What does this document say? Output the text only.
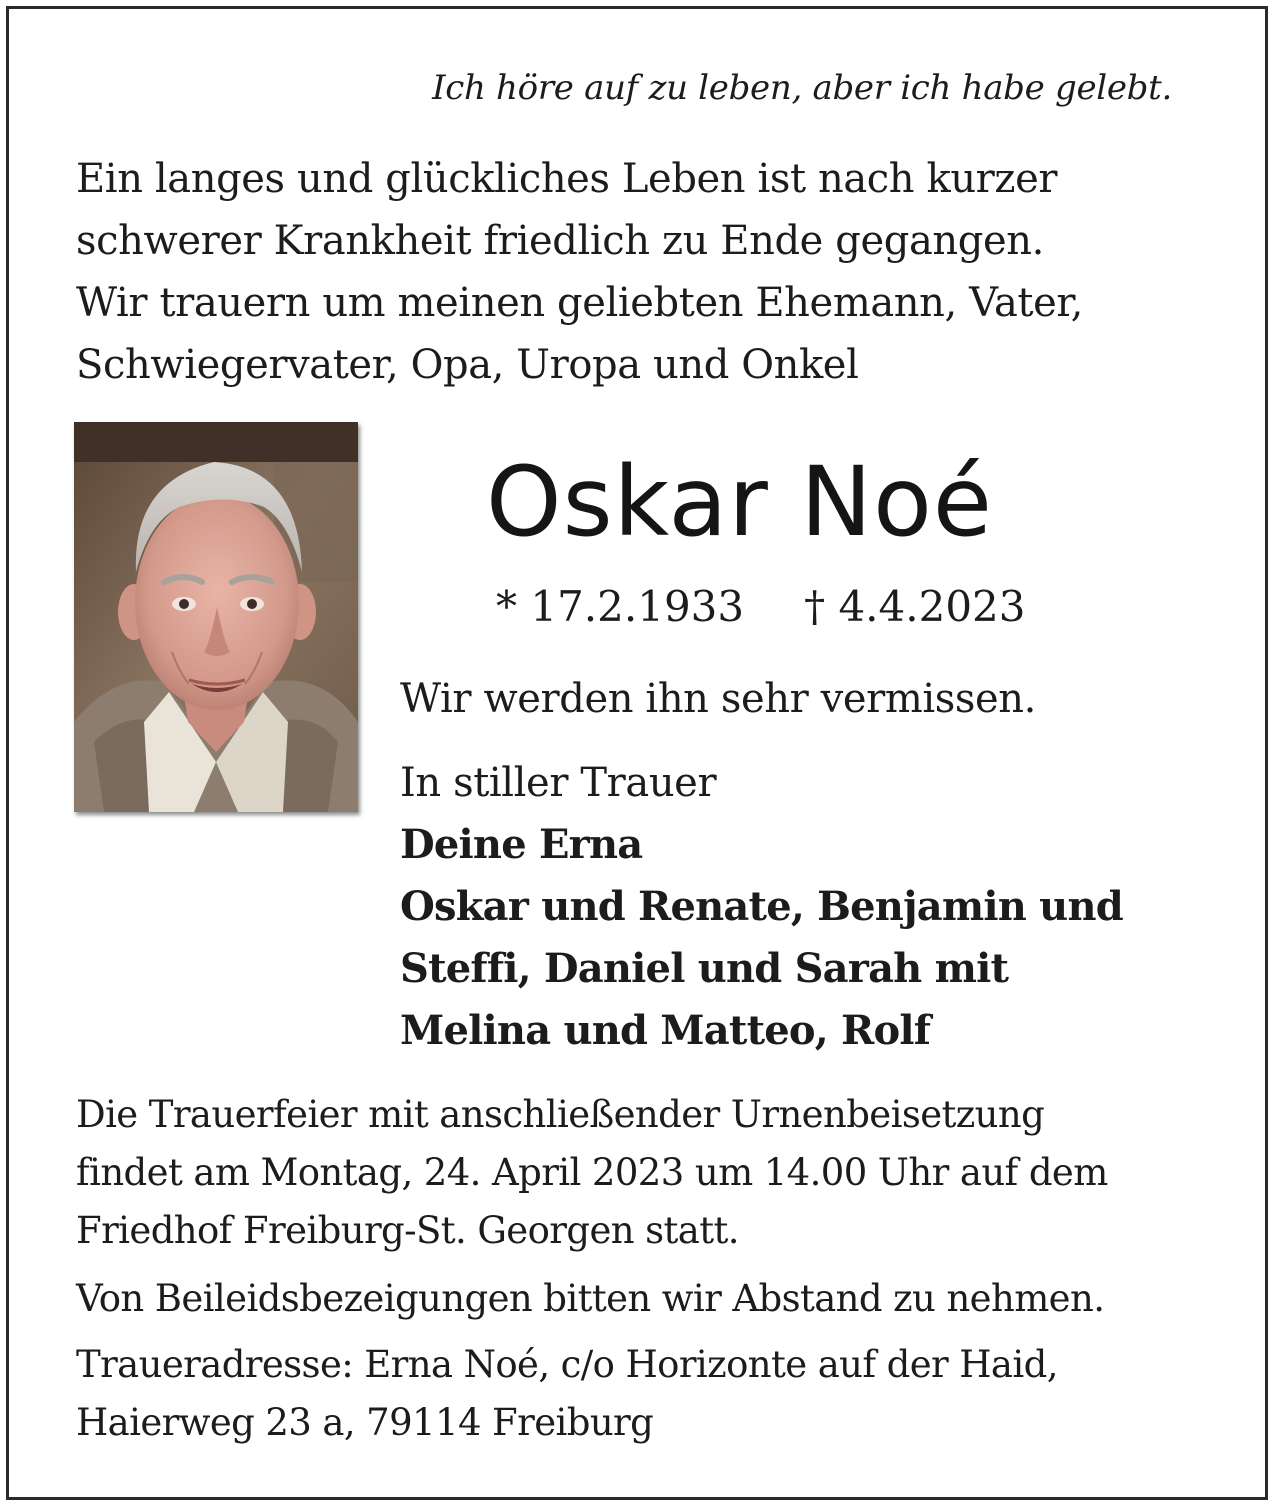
Ich höre auf zu leben, aber ich habe gelebt.
Ein langes und glückliches Leben ist nach kurzer
schwerer Krankheit friedlich zu Ende gegangen.
Wir trauern um meinen geliebten Ehemann, Vater,
Schwiegervater, Opa, Uropa und Onkel
Oskar Noé
* 17.2.1933 † 4.4.2023
Wir werden ihn sehr vermissen.
In stiller Trauer
Deine Erna
Oskar und Renate, Benjamin und
Steffi, Daniel und Sarah mit
Melina und Matteo, Rolf
Die Trauerfeier mit anschließender Urnenbeisetzung
findet am Montag, 24. April 2023 um 14.00 Uhr auf dem
Friedhof Freiburg-St. Georgen statt.
Von Beileidsbezeigungen bitten wir Abstand zu nehmen.
Traueradresse: Erna Noé, c/o Horizonte auf der Haid,
Haierweg 23 a, 79114 Freiburg
